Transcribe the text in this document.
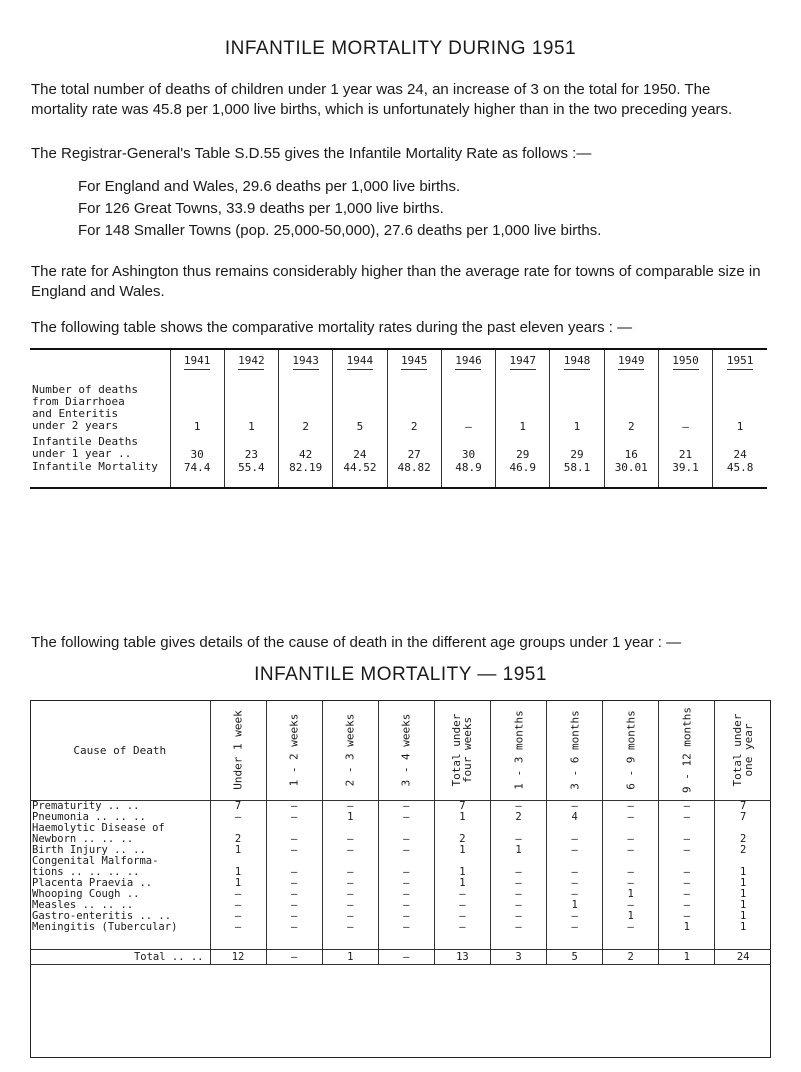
INFANTILE MORTALITY DURING 1951

The total number of deaths of children under 1 year was 24, an increase of 3 on the total for 1950. The mortality rate was 45.8 per 1,000 live births, which is unfortunately higher than in the two preceding years.

The Registrar-General's Table S.D.55 gives the Infantile Mortality Rate as follows :—

For England and Wales, 29.6 deaths per 1,000 live births.
For 126 Great Towns, 33.9 deaths per 1,000 live births.
For 148 Smaller Towns (pop. 25,000-50,000), 27.6 deaths per 1,000 live births.

The rate for Ashington thus remains considerably higher than the average rate for towns of comparable size in England and Wales.

The following table shows the comparative mortality rates during the past eleven years : —

	1941	1942	1943	1944	1945	1946	1947	1948	1949	1950	1951

Number of deaths
from Diarrhoea
and Enteritis
under 2 years	1	1	2	5	2	—	1	1	2	—	1

Infantile Deaths
under 1 year ..	30	23	42	24	27	30	29	29	16	21	24

Infantile Mortality	74.4	55.4	82.19	44.52	48.82	48.9	46.9	58.1	30.01	39.1	45.8

The following table gives details of the cause of death in the different age groups under 1 year : —

INFANTILE MORTALITY — 1951
Cause of Death	Under 1 week	1 - 2 weeks	2 - 3 weeks	3 - 4 weeks	Total under four weeks	1 - 3 months	3 - 6 months	6 - 9 months	9 - 12 months	Total under one year

Prematurity .. ..	7	—	—	—	7	—	—	—	—	7
Pneumonia .. .. ..	—	—	1	—	1	2	4	—	—	7
Haemolytic Disease of										
Newborn .. .. ..	2	—	—	—	2	—	—	—	—	2
Birth Injury .. ..	1	—	—	—	1	1	—	—	—	2
Congenital Malforma-										
tions .. .. .. ..	1	—	—	—	1	—	—	—	—	1
Placenta Praevia ..	1	—	—	—	1	—	—	—	—	1
Whooping Cough ..	—	—	—	—	—	—	—	1	—	1
Measles .. .. ..	—	—	—	—	—	—	1	—	—	1
Gastro-enteritis .. ..	—	—	—	—	—	—	—	1	—	1
Meningitis (Tubercular)	—	—	—	—	—	—	—	—	1	1

Total .. ..	12	—	1	—	13	3	5	2	1	24
